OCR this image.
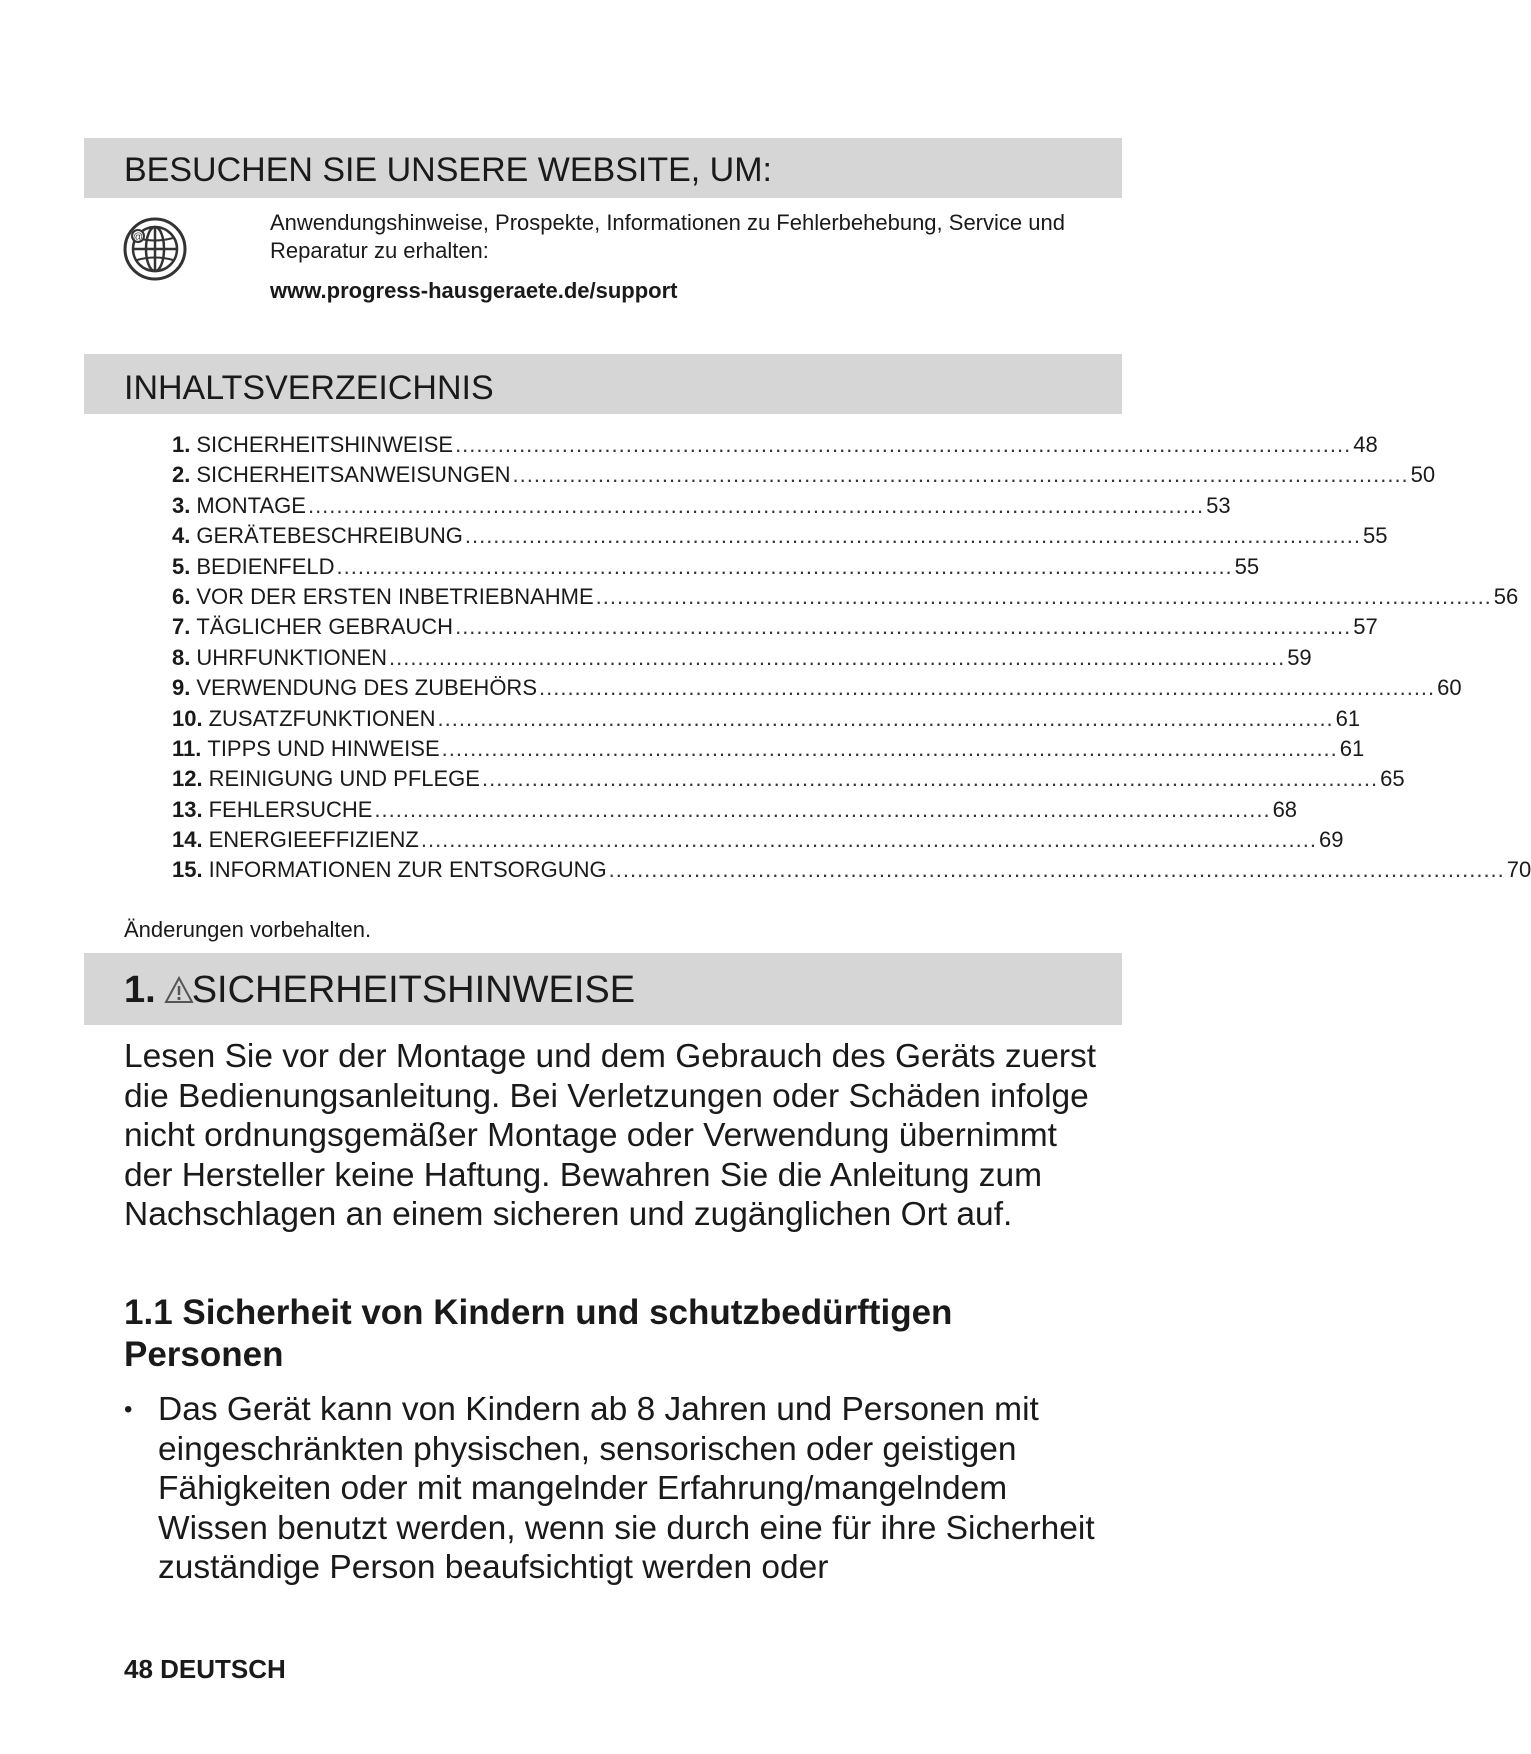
BESUCHEN SIE UNSERE WEBSITE, UM:
@
Anwendungshinweise, Prospekte, Informationen zu Fehlerbehebung, Service und Reparatur zu erhalten:
www.progress-hausgeraete.de/support
INHALTSVERZEICHNIS
1. SICHERHEITSHINWEISE .............................................................................................................................. 48
2. SICHERHEITSANWEISUNGEN .............................................................................................................................. 50
3. MONTAGE .............................................................................................................................. 53
4. GERÄTEBESCHREIBUNG .............................................................................................................................. 55
5. BEDIENFELD .............................................................................................................................. 55
6. VOR DER ERSTEN INBETRIEBNAHME .............................................................................................................................. 56
7. TÄGLICHER GEBRAUCH .............................................................................................................................. 57
8. UHRFUNKTIONEN .............................................................................................................................. 59
9. VERWENDUNG DES ZUBEHÖRS .............................................................................................................................. 60
10. ZUSATZFUNKTIONEN .............................................................................................................................. 61
11. TIPPS UND HINWEISE .............................................................................................................................. 61
12. REINIGUNG UND PFLEGE .............................................................................................................................. 65
13. FEHLERSUCHE .............................................................................................................................. 68
14. ENERGIEEFFIZIENZ .............................................................................................................................. 69
15. INFORMATIONEN ZUR ENTSORGUNG .............................................................................................................................. 70
Änderungen vorbehalten.
1. SICHERHEITSHINWEISE

Lesen Sie vor der Montage und dem Gebrauch des Geräts zuerst die Bedienungsanleitung. Bei Verletzungen oder Schäden infolge nicht ordnungsgemäßer Montage oder Verwendung übernimmt der Hersteller keine Haftung. Bewahren Sie die Anleitung zum Nachschlagen an einem sicheren und zugänglichen Ort auf.

1.1 Sicherheit von Kindern und schutzbedürftigen Personen
• Das Gerät kann von Kindern ab 8 Jahren und Personen mit eingeschränkten physischen, sensorischen oder geistigen Fähigkeiten oder mit mangelnder Erfahrung/mangelndem Wissen benutzt werden, wenn sie durch eine für ihre Sicherheit zuständige Person beaufsichtigt werden oder
48 DEUTSCH
